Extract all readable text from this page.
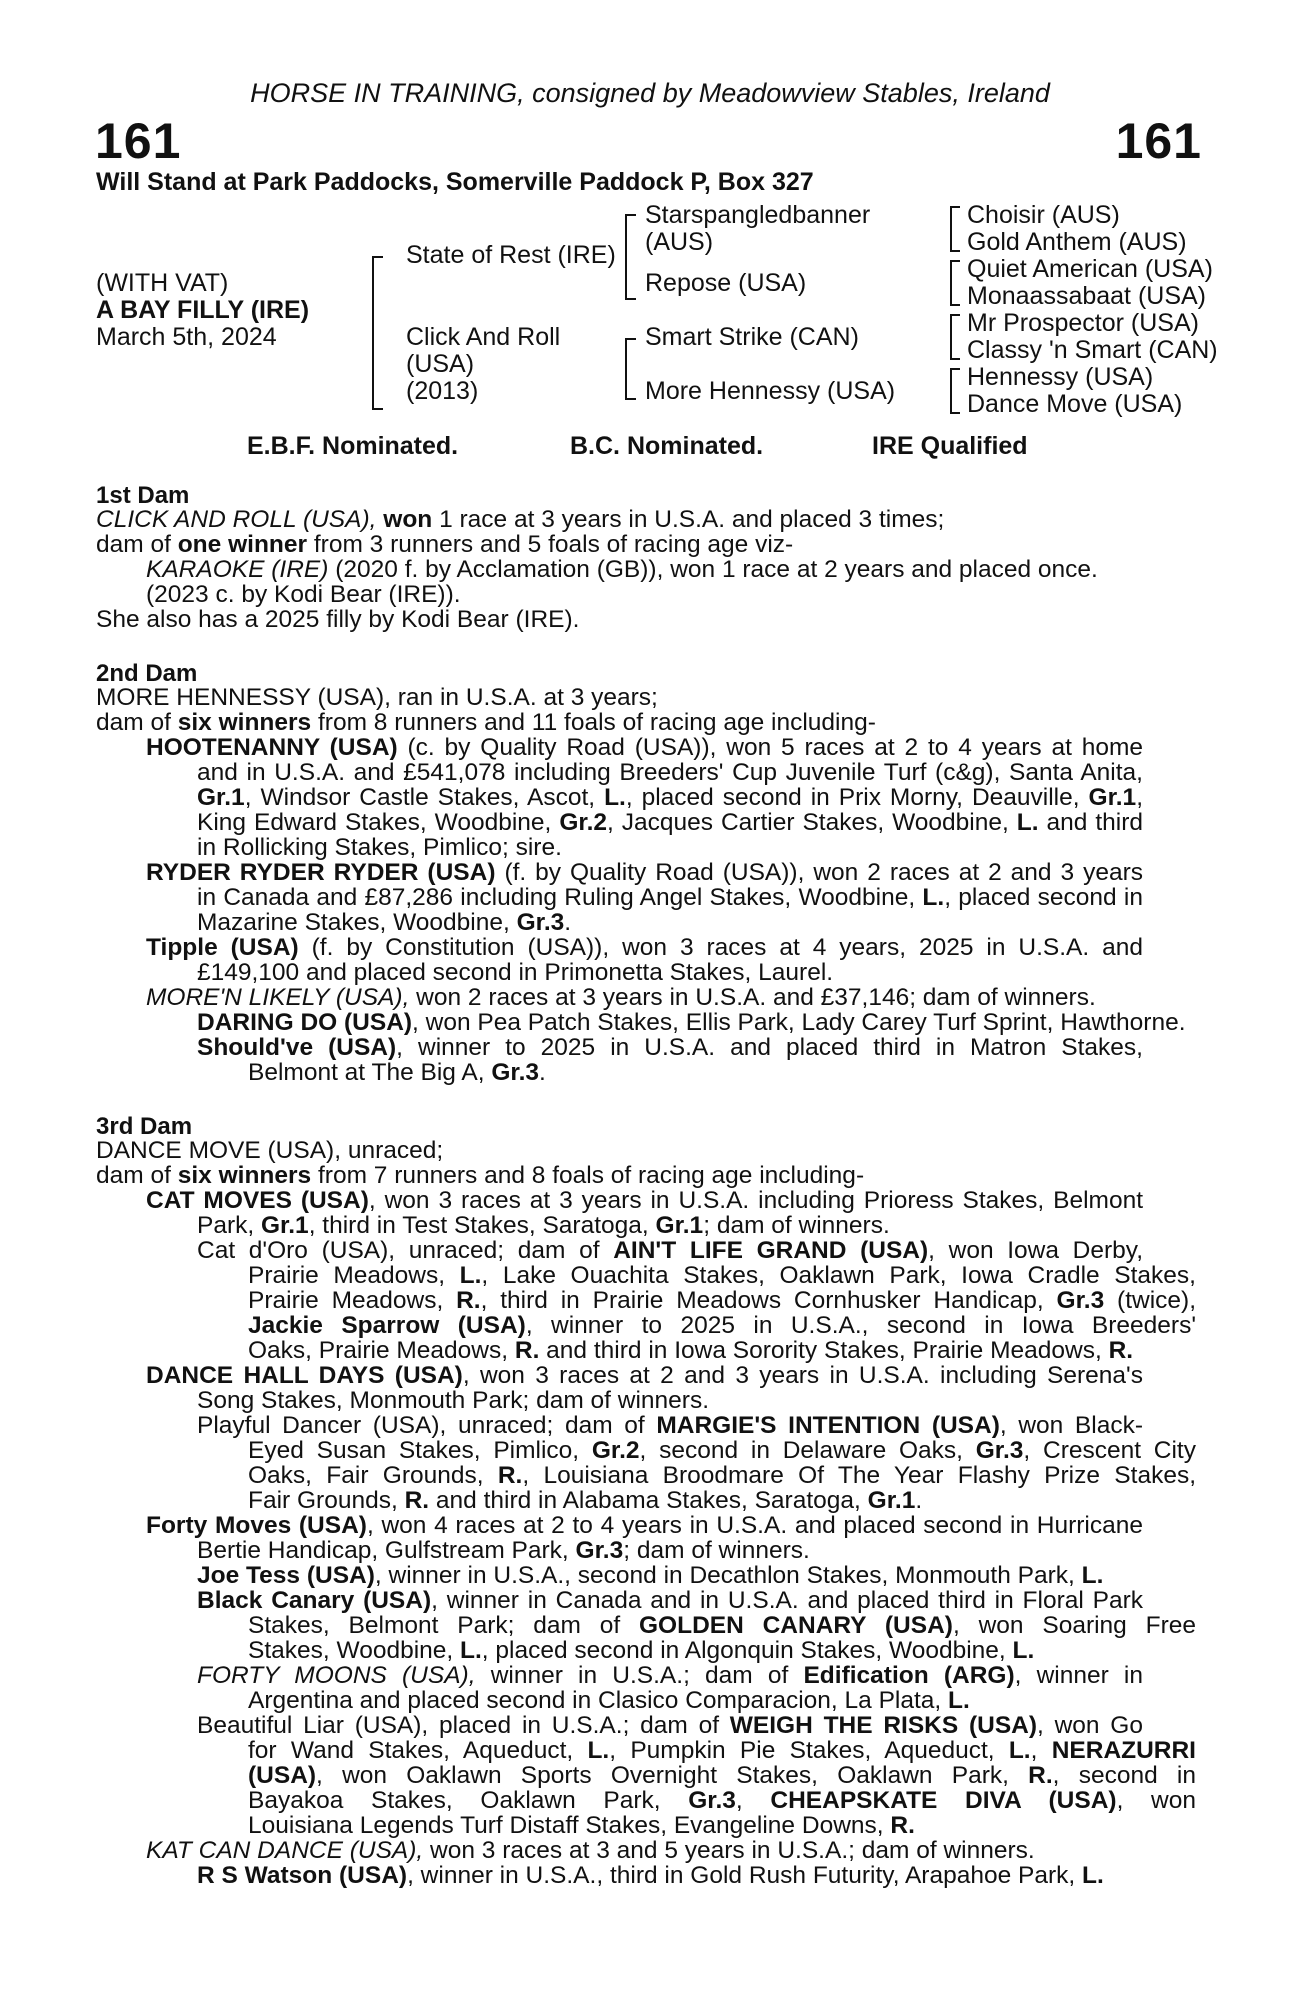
HORSE IN TRAINING, consigned by Meadowview Stables, Ireland
161	161
Will Stand at Park Paddocks, Somerville Paddock P, Box 327
(WITH VAT)
A BAY FILLY (IRE)
March 5th, 2024
State of Rest (IRE)
Click And Roll
(USA)
(2013)
Starspangledbanner
(AUS)
Repose (USA)
Smart Strike (CAN)
More Hennessy (USA)
Choisir (AUS)
Gold Anthem (AUS)
Quiet American (USA)
Monaassabaat (USA)
Mr Prospector (USA)
Classy 'n Smart (CAN)
Hennessy (USA)
Dance Move (USA)
E.B.F. Nominated.	B.C. Nominated.	IRE Qualified
1st Dam
CLICK AND ROLL (USA), won 1 race at 3 years in U.S.A. and placed 3 times;
dam of one winner from 3 runners and 5 foals of racing age viz-
KARAOKE (IRE) (2020 f. by Acclamation (GB)), won 1 race at 2 years and placed once.
(2023 c. by Kodi Bear (IRE)).
She also has a 2025 filly by Kodi Bear (IRE).
2nd Dam
MORE HENNESSY (USA), ran in U.S.A. at 3 years;
dam of six winners from 8 runners and 11 foals of racing age including-
HOOTENANNY (USA) (c. by Quality Road (USA)), won 5 races at 2 to 4 years at home
and in U.S.A. and £541,078 including Breeders' Cup Juvenile Turf (c&g), Santa Anita,
Gr.1, Windsor Castle Stakes, Ascot, L., placed second in Prix Morny, Deauville, Gr.1,
King Edward Stakes, Woodbine, Gr.2, Jacques Cartier Stakes, Woodbine, L. and third
in Rollicking Stakes, Pimlico; sire.
RYDER RYDER RYDER (USA) (f. by Quality Road (USA)), won 2 races at 2 and 3 years
in Canada and £87,286 including Ruling Angel Stakes, Woodbine, L., placed second in
Mazarine Stakes, Woodbine, Gr.3.
Tipple (USA) (f. by Constitution (USA)), won 3 races at 4 years, 2025 in U.S.A. and
£149,100 and placed second in Primonetta Stakes, Laurel.
MORE'N LIKELY (USA), won 2 races at 3 years in U.S.A. and £37,146; dam of winners.
DARING DO (USA), won Pea Patch Stakes, Ellis Park, Lady Carey Turf Sprint, Hawthorne.
Should've (USA), winner to 2025 in U.S.A. and placed third in Matron Stakes,
Belmont at The Big A, Gr.3.
3rd Dam
DANCE MOVE (USA), unraced;
dam of six winners from 7 runners and 8 foals of racing age including-
CAT MOVES (USA), won 3 races at 3 years in U.S.A. including Prioress Stakes, Belmont
Park, Gr.1, third in Test Stakes, Saratoga, Gr.1; dam of winners.
Cat d'Oro (USA), unraced; dam of AIN'T LIFE GRAND (USA), won Iowa Derby,
Prairie Meadows, L., Lake Ouachita Stakes, Oaklawn Park, Iowa Cradle Stakes,
Prairie Meadows, R., third in Prairie Meadows Cornhusker Handicap, Gr.3 (twice),
Jackie Sparrow (USA), winner to 2025 in U.S.A., second in Iowa Breeders'
Oaks, Prairie Meadows, R. and third in Iowa Sorority Stakes, Prairie Meadows, R.
DANCE HALL DAYS (USA), won 3 races at 2 and 3 years in U.S.A. including Serena's
Song Stakes, Monmouth Park; dam of winners.
Playful Dancer (USA), unraced; dam of MARGIE'S INTENTION (USA), won Black-
Eyed Susan Stakes, Pimlico, Gr.2, second in Delaware Oaks, Gr.3, Crescent City
Oaks, Fair Grounds, R., Louisiana Broodmare Of The Year Flashy Prize Stakes,
Fair Grounds, R. and third in Alabama Stakes, Saratoga, Gr.1.
Forty Moves (USA), won 4 races at 2 to 4 years in U.S.A. and placed second in Hurricane
Bertie Handicap, Gulfstream Park, Gr.3; dam of winners.
Joe Tess (USA), winner in U.S.A., second in Decathlon Stakes, Monmouth Park, L.
Black Canary (USA), winner in Canada and in U.S.A. and placed third in Floral Park
Stakes, Belmont Park; dam of GOLDEN CANARY (USA), won Soaring Free
Stakes, Woodbine, L., placed second in Algonquin Stakes, Woodbine, L.
FORTY MOONS (USA), winner in U.S.A.; dam of Edification (ARG), winner in
Argentina and placed second in Clasico Comparacion, La Plata, L.
Beautiful Liar (USA), placed in U.S.A.; dam of WEIGH THE RISKS (USA), won Go
for Wand Stakes, Aqueduct, L., Pumpkin Pie Stakes, Aqueduct, L., NERAZURRI
(USA), won Oaklawn Sports Overnight Stakes, Oaklawn Park, R., second in
Bayakoa Stakes, Oaklawn Park, Gr.3, CHEAPSKATE DIVA (USA), won
Louisiana Legends Turf Distaff Stakes, Evangeline Downs, R.
KAT CAN DANCE (USA), won 3 races at 3 and 5 years in U.S.A.; dam of winners.
R S Watson (USA), winner in U.S.A., third in Gold Rush Futurity, Arapahoe Park, L.
